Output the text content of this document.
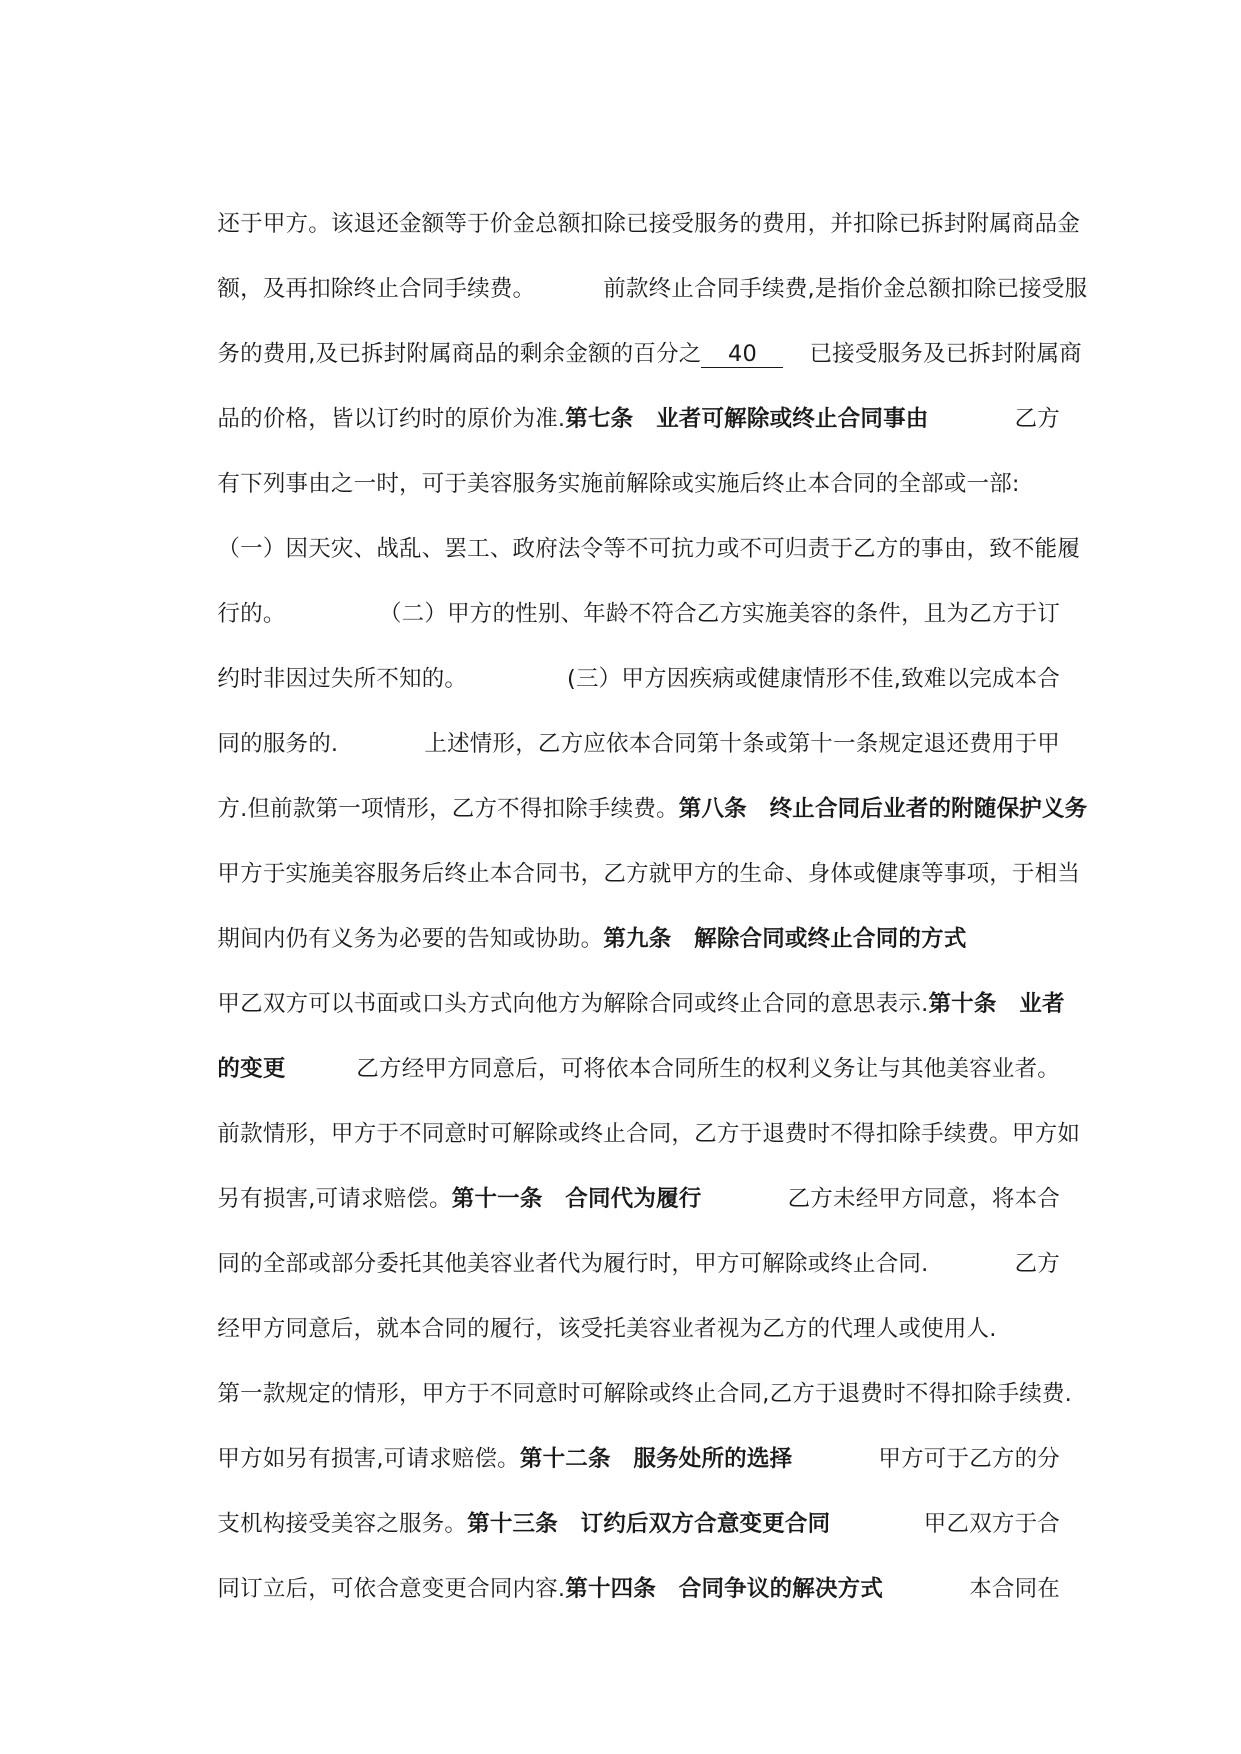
还于甲方。该退还金额等于价金总额扣除已接受服务的费用，并扣除已拆封附属商品金

额，及再扣除终止合同手续费。	前款终止合同手续费,是指价金总额扣除已接受服

务的费用,及已拆封附属商品的剩余金额的百分之 40 已接受服务及已拆封附属商

品的价格，皆以订约时的原价为准.第七条　业者可解除或终止合同事由	乙方

有下列事由之一时，可于美容服务实施前解除或实施后终止本合同的全部或一部:

（一）因天灾、战乱、罢工、政府法令等不可抗力或不可归责于乙方的事由，致不能履

行的。	（二）甲方的性别、年龄不符合乙方实施美容的条件，且为乙方于订

约时非因过失所不知的。	(三）甲方因疾病或健康情形不佳,致难以完成本合

同的服务的.	上述情形，乙方应依本合同第十条或第十一条规定退还费用于甲

方.但前款第一项情形，乙方不得扣除手续费。第八条　终止合同后业者的附随保护义务

甲方于实施美容服务后终止本合同书，乙方就甲方的生命、身体或健康等事项，于相当

期间内仍有义务为必要的告知或协助。第九条　解除合同或终止合同的方式

甲乙双方可以书面或口头方式向他方为解除合同或终止合同的意思表示.第十条　业者

的变更	乙方经甲方同意后，可将依本合同所生的权利义务让与其他美容业者。

前款情形，甲方于不同意时可解除或终止合同，乙方于退费时不得扣除手续费。甲方如

另有损害,可请求赔偿。第十一条　合同代为履行	乙方未经甲方同意，将本合

同的全部或部分委托其他美容业者代为履行时，甲方可解除或终止合同.	乙方

经甲方同意后，就本合同的履行，该受托美容业者视为乙方的代理人或使用人.

第一款规定的情形，甲方于不同意时可解除或终止合同,乙方于退费时不得扣除手续费.

甲方如另有损害,可请求赔偿。第十二条　服务处所的选择	甲方可于乙方的分

支机构接受美容之服务。第十三条　订约后双方合意变更合同	甲乙双方于合

同订立后，可依合意变更合同内容.第十四条　合同争议的解决方式	本合同在
